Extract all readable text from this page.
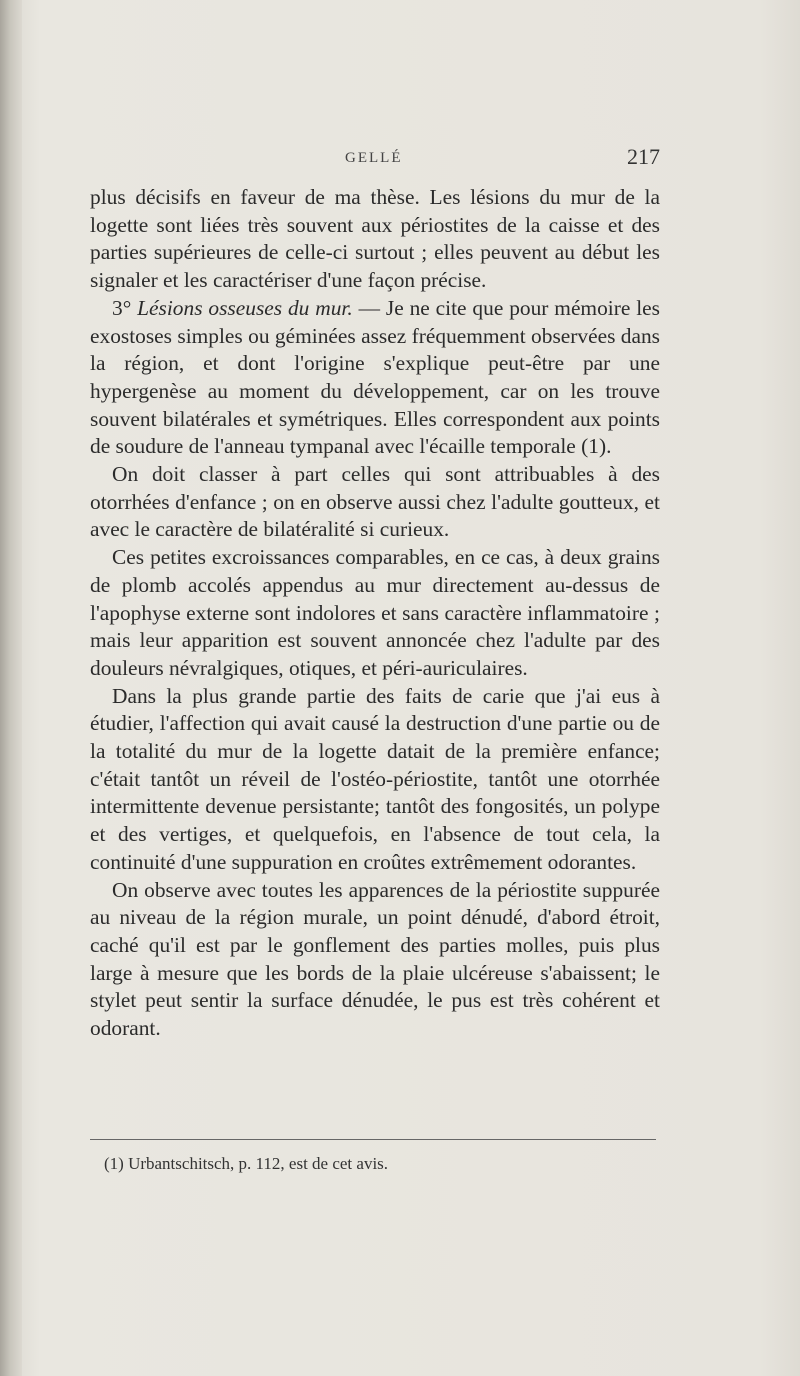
GELLÉ	217

plus décisifs en faveur de ma thèse. Les lésions du mur de la logette sont liées très souvent aux périostites de la caisse et des parties supérieures de celle-ci surtout ; elles peuvent au début les signaler et les caractériser d'une façon précise.

3° Lésions osseuses du mur. — Je ne cite que pour mémoire les exostoses simples ou géminées assez fréquemment observées dans la région, et dont l'origine s'explique peut-être par une hypergenèse au moment du développement, car on les trouve souvent bilatérales et symétriques. Elles correspondent aux points de soudure de l'anneau tympanal avec l'écaille temporale (1).

On doit classer à part celles qui sont attribuables à des otorrhées d'enfance ; on en observe aussi chez l'adulte goutteux, et avec le caractère de bilatéralité si curieux.

Ces petites excroissances comparables, en ce cas, à deux grains de plomb accolés appendus au mur directement au-dessus de l'apophyse externe sont indolores et sans caractère inflammatoire ; mais leur apparition est souvent annoncée chez l'adulte par des douleurs névralgiques, otiques, et péri-auriculaires.

Dans la plus grande partie des faits de carie que j'ai eus à étudier, l'affection qui avait causé la destruction d'une partie ou de la totalité du mur de la logette datait de la première enfance; c'était tantôt un réveil de l'ostéo-périostite, tantôt une otorrhée intermittente devenue persistante; tantôt des fongosités, un polype et des vertiges, et quelquefois, en l'absence de tout cela, la continuité d'une suppuration en croûtes extrêmement odorantes.

On observe avec toutes les apparences de la périostite suppurée au niveau de la région murale, un point dénudé, d'abord étroit, caché qu'il est par le gonflement des parties molles, puis plus large à mesure que les bords de la plaie ulcéreuse s'abaissent; le stylet peut sentir la surface dénudée, le pus est très cohérent et odorant.

(1) Urbantschitsch, p. 112, est de cet avis.
